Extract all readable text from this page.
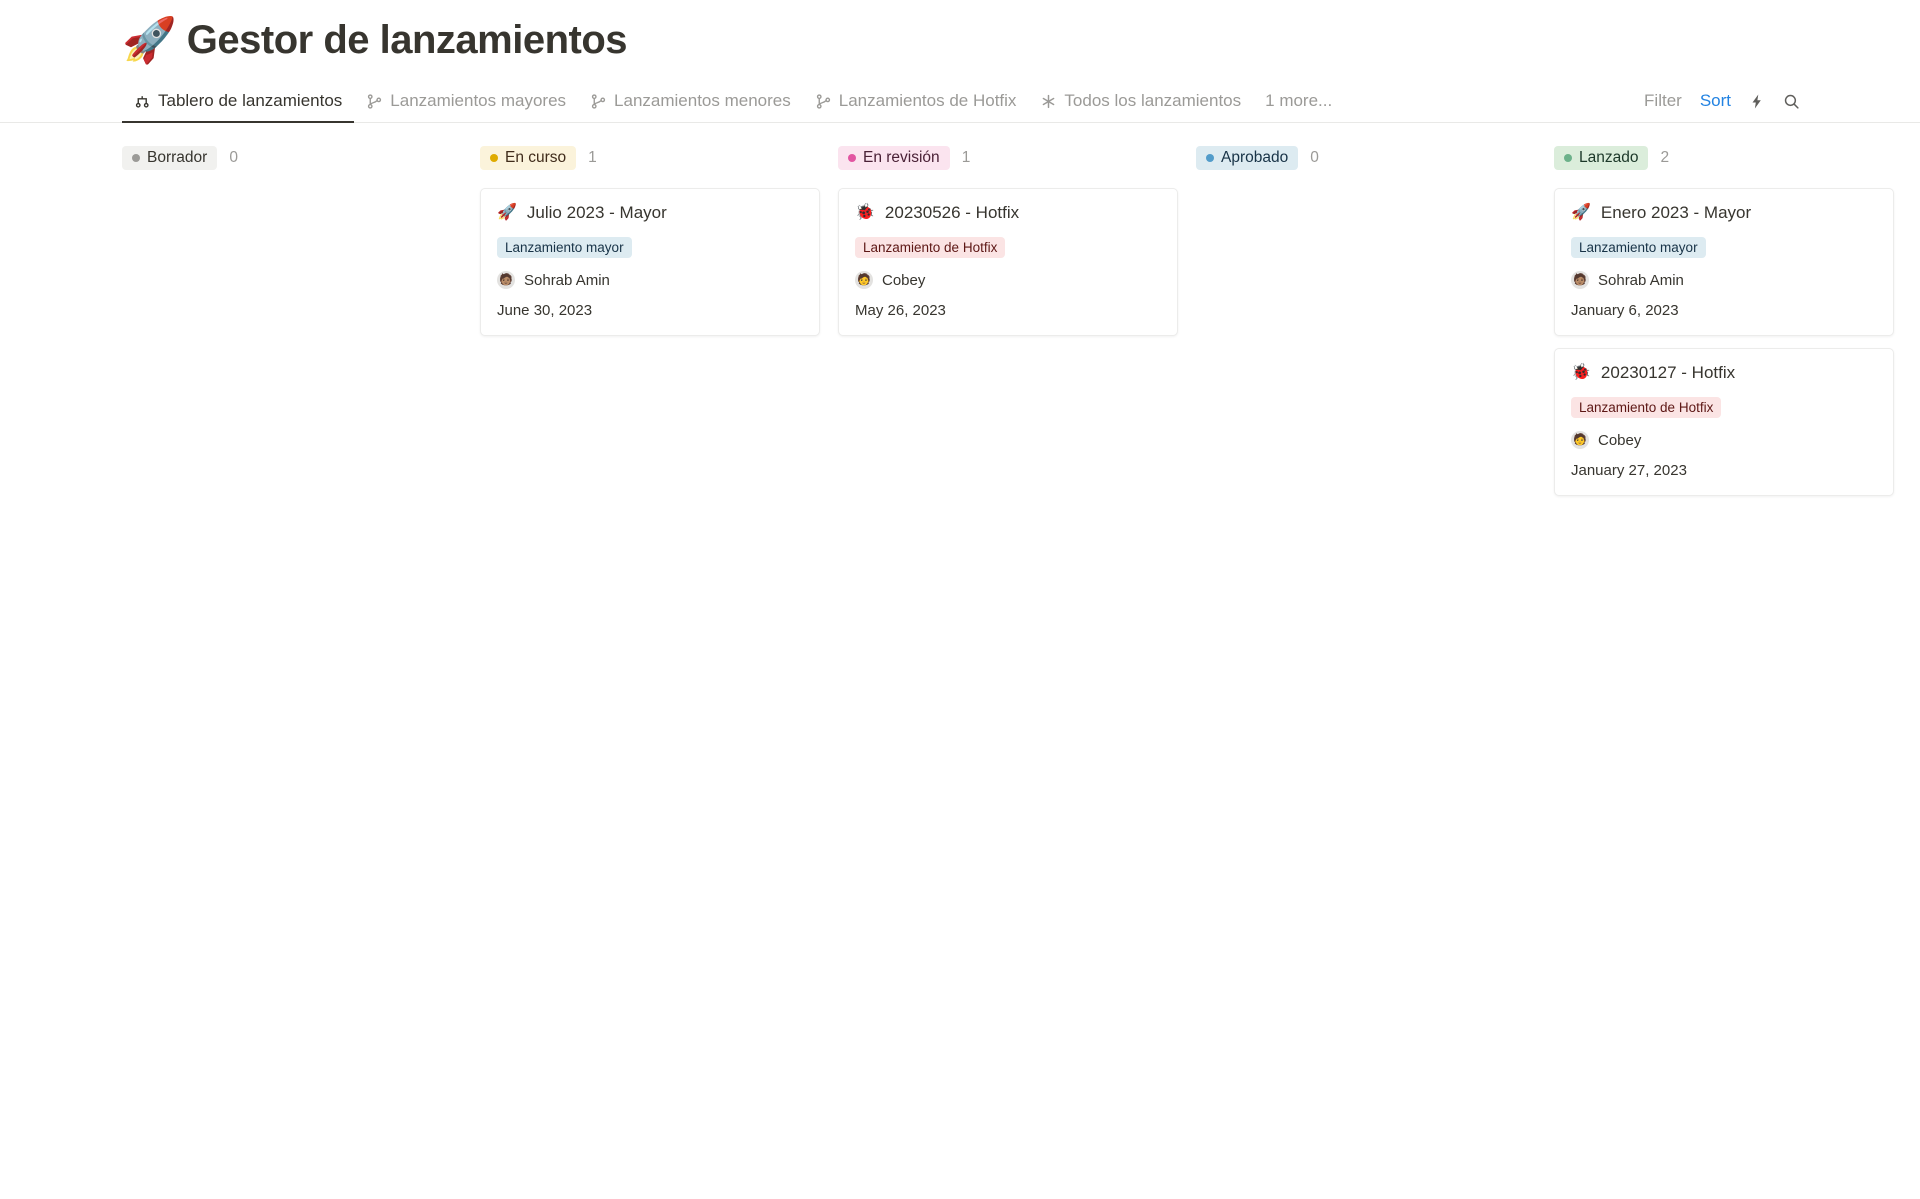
🚀 Gestor de lanzamientos
Tablero de lanzamientos	Lanzamientos mayores	Lanzamientos menores	Lanzamientos de Hotfix	Todos los lanzamientos	1 more...	Filter Sort
Borrador 0	En curso 1
🚀 Julio 2023 - Mayor
Lanzamiento mayor
🧑🏽 Sohrab Amin
June 30, 2023
En revisión 1
🐞 20230526 - Hotfix
Lanzamiento de Hotfix
🧑 Cobey
May 26, 2023
Aprobado 0	Lanzado 2
🚀 Enero 2023 - Mayor
Lanzamiento mayor
🧑🏽 Sohrab Amin
January 6, 2023
🐞 20230127 - Hotfix
Lanzamiento de Hotfix
🧑 Cobey
January 27, 2023
